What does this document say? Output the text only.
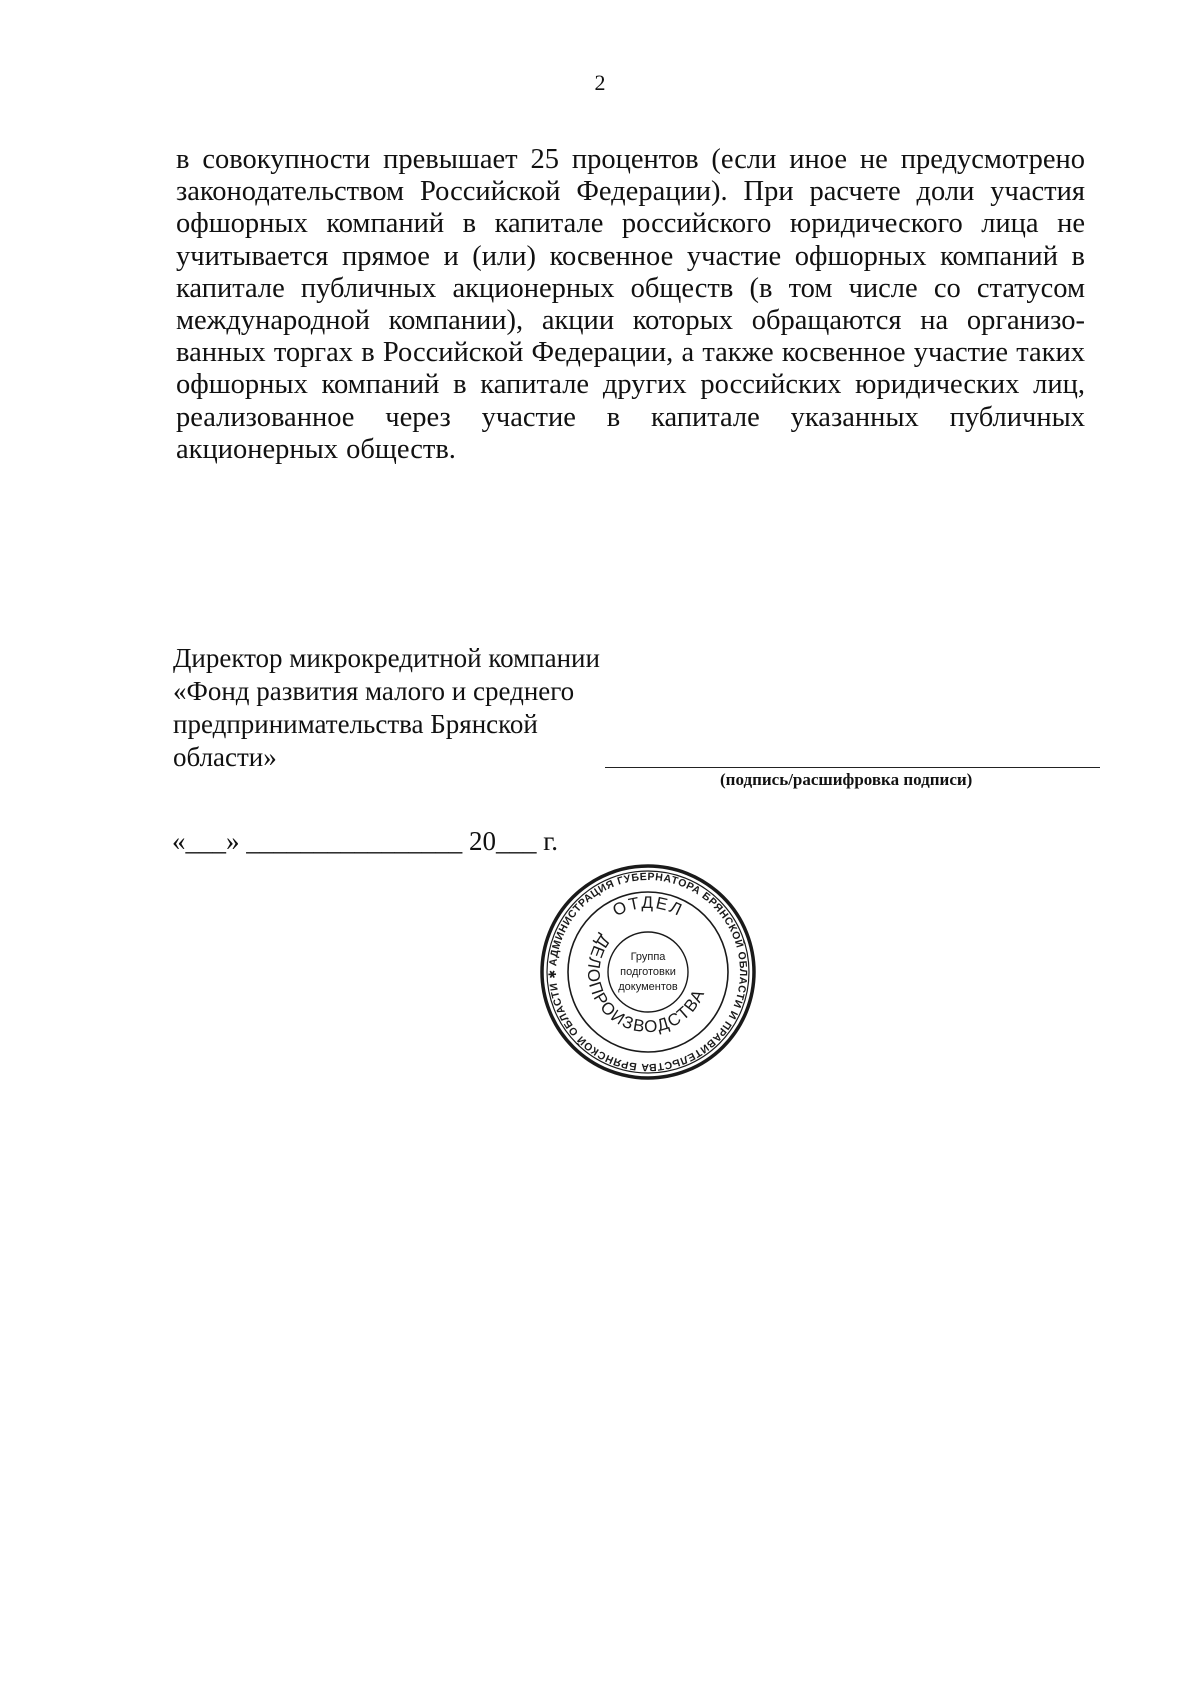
2

в совокупности превышает 25 процентов (если иное не предусмотрено законодательством Российской Федерации). При расчете доли участия офшорных компаний в капитале российского юридического лица не учитывается прямое и (или) косвенное участие офшорных компаний в капитале публичных акционерных обществ (в том числе со статусом международной компании), акции которых обращаются на организо-ванных торгах в Российской Федерации, а также косвенное участие таких офшорных компаний в капитале других российских юридических лиц, реализованное через участие в капитале указанных публичных акционерных обществ.

Директор микрокредитной компании
«Фонд развития малого и среднего
предпринимательства Брянской
области»
(подпись/расшифровка подписи)
«___» ________________ 20___ г.
АДМИНИСТРАЦИЯ ГУБЕРНАТОРА БРЯНСКОЙ ОБЛАСТИ И ПРАВИТЕЛЬСТВА БРЯНСКОЙ ОБЛАСТИ ✱
ОТДЕЛ
ДЕЛОПРОИЗВОДСТВА
Группа
подготовки
документов
